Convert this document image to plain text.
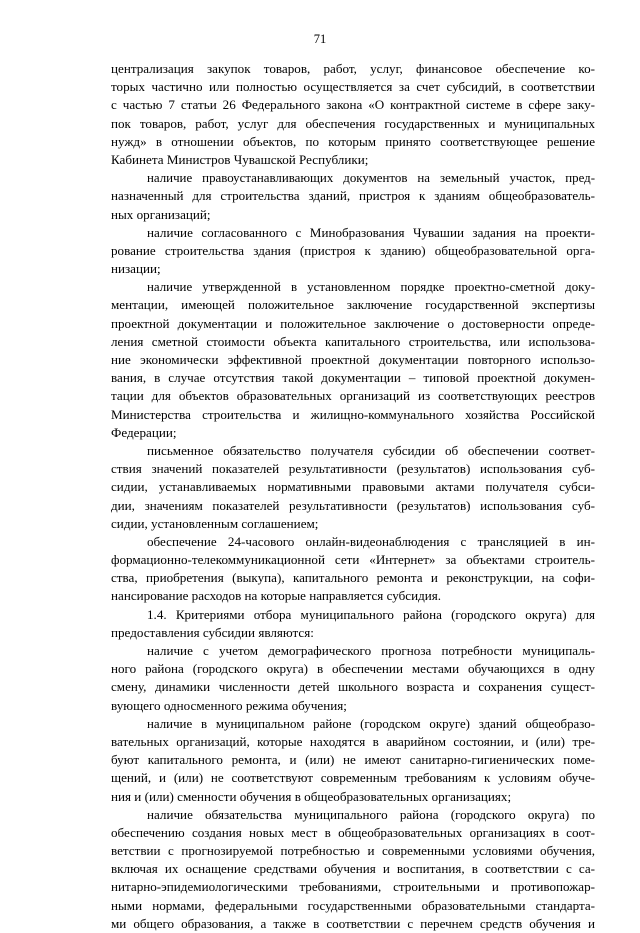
71
централизация закупок товаров, работ, услуг, финансовое обеспечение ко-
торых частично или полностью осуществляется за счет субсидий, в соответствии
с частью 7 статьи 26 Федерального закона «О контрактной системе в сфере заку-
пок товаров, работ, услуг для обеспечения государственных и муниципальных
нужд» в отношении объектов, по которым принято соответствующее решение
Кабинета Министров Чувашской Республики;
наличие правоустанавливающих документов на земельный участок, пред-
назначенный для строительства зданий, пристроя к зданиям общеобразователь-
ных организаций;
наличие согласованного с Минобразования Чувашии задания на проекти-
рование строительства здания (пристроя к зданию) общеобразовательной орга-
низации;
наличие утвержденной в установленном порядке проектно-сметной доку-
ментации, имеющей положительное заключение государственной экспертизы
проектной документации и положительное заключение о достоверности опреде-
ления сметной стоимости объекта капитального строительства, или использова-
ние экономически эффективной проектной документации повторного использо-
вания, в случае отсутствия такой документации – типовой проектной докумен-
тации для объектов образовательных организаций из соответствующих реестров
Министерства строительства и жилищно-коммунального хозяйства Российской
Федерации;
письменное обязательство получателя субсидии об обеспечении соответ-
ствия значений показателей результативности (результатов) использования суб-
сидии, устанавливаемых нормативными правовыми актами получателя субси-
дии, значениям показателей результативности (результатов) использования суб-
сидии, установленным соглашением;
обеспечение 24-часового онлайн-видеонаблюдения с трансляцией в ин-
формационно-телекоммуникационной сети «Интернет» за объектами строитель-
ства, приобретения (выкупа), капитального ремонта и реконструкции, на софи-
нансирование расходов на которые направляется субсидия.
1.4. Критериями отбора муниципального района (городского округа) для
предоставления субсидии являются:
наличие с учетом демографического прогноза потребности муниципаль-
ного района (городского округа) в обеспечении местами обучающихся в одну
смену, динамики численности детей школьного возраста и сохранения сущест-
вующего односменного режима обучения;
наличие в муниципальном районе (городском округе) зданий общеобразо-
вательных организаций, которые находятся в аварийном состоянии, и (или) тре-
буют капитального ремонта, и (или) не имеют санитарно-гигиенических поме-
щений, и (или) не соответствуют современным требованиям к условиям обуче-
ния и (или) сменности обучения в общеобразовательных организациях;
наличие обязательства муниципального района (городского округа) по
обеспечению создания новых мест в общеобразовательных организациях в соот-
ветствии с прогнозируемой потребностью и современными условиями обучения,
включая их оснащение средствами обучения и воспитания, в соответствии с са-
нитарно-эпидемиологическими требованиями, строительными и противопожар-
ными нормами, федеральными государственными образовательными стандарта-
ми общего образования, а также в соответствии с перечнем средств обучения и
